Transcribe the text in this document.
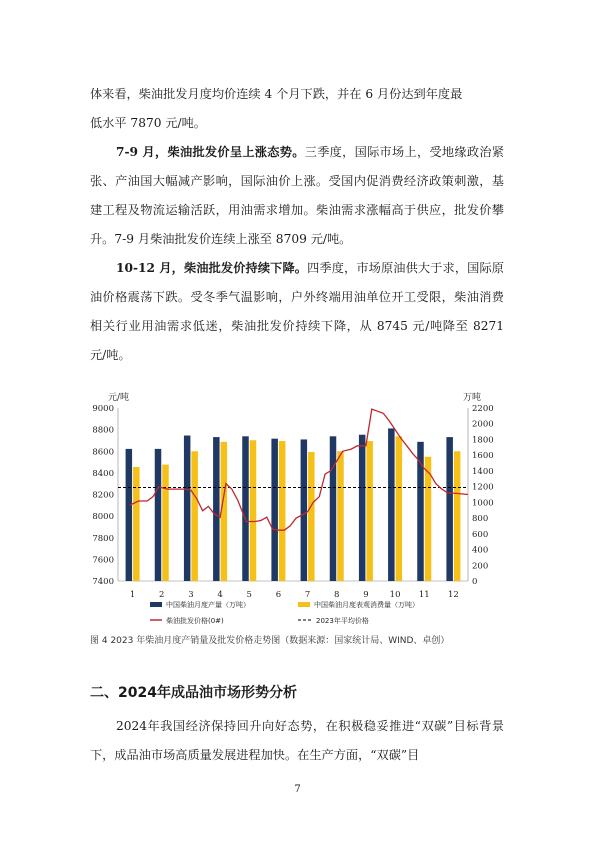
体来看，柴油批发月度均价连续 4 个月下跌，并在 6 月份达到年度最
低水平 7870 元/吨。

7-9 月，柴油批发价呈上涨态势。三季度，国际市场上，受地缘政治紧张、产油国大幅减产影响，国际油价上涨。受国内促消费经济政策刺激，基建工程及物流运输活跃，用油需求增加。柴油需求涨幅高于供应，批发价攀升。7-9 月柴油批发价连续上涨至 8709 元/吨。

10-12 月，柴油批发价持续下降。四季度，市场原油供大于求，国际原油价格震荡下跌。受冬季气温影响，户外终端用油单位开工受限，柴油消费相关行业用油需求低迷，柴油批发价持续下降，从 8745 元/吨降至 8271 元/吨。

元/吨	万吨
9000
8800
8600
8400
8200
8000
7800
7600
7400
2200
2000
1800
1600
1400
1200
1000
800
600
400
200
0
1	2	3	4	5	6	7	8	9 10 11 12
中国柴油月度产量（万吨）	中国柴油月度表观消费量（万吨）
柴油批发价格(0#)	2023年平均价格
图 4 2023 年柴油月度产销量及批发价格走势图（数据来源：国家统计局、WIND、卓创）
二、2024年成品油市场形势分析

2024年我国经济保持回升向好态势，在积极稳妥推进“双碳”目标背景下，成品油市场高质量发展进程加快。在生产方面，“双碳”目

7
